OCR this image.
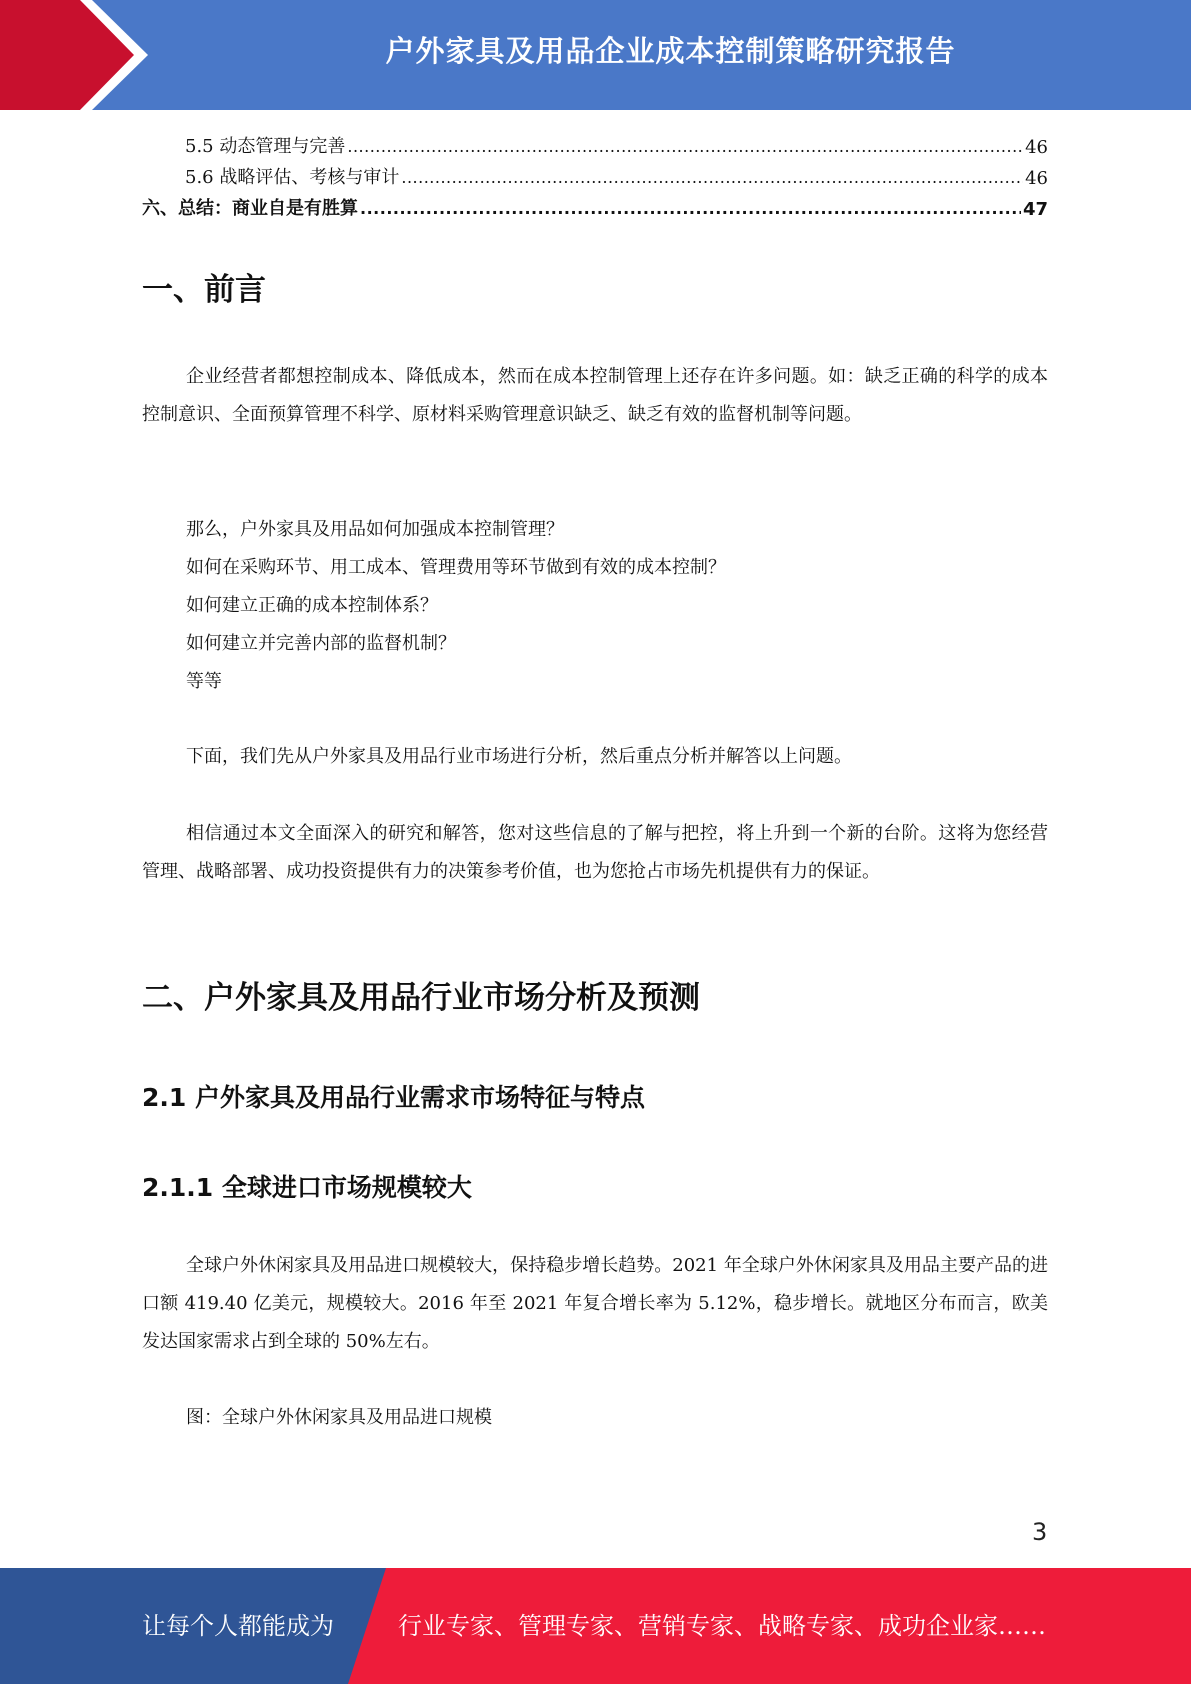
户外家具及用品企业成本控制策略研究报告
5.5 动态管理与完善 .....	46
5.6 战略评估、考核与审计 .....	46
六、总结：商业自是有胜算 .....	47
一、前言
企业经营者都想控制成本、降低成本，然而在成本控制管理上还存在许多问题。如：缺乏正确的科学的成本控制意识、全面预算管理不科学、原材料采购管理意识缺乏、缺乏有效的监督机制等问题。
那么，户外家具及用品如何加强成本控制管理？
如何在采购环节、用工成本、管理费用等环节做到有效的成本控制？
如何建立正确的成本控制体系？
如何建立并完善内部的监督机制？
等等
下面，我们先从户外家具及用品行业市场进行分析，然后重点分析并解答以上问题。
相信通过本文全面深入的研究和解答，您对这些信息的了解与把控，将上升到一个新的台阶。这将为您经营管理、战略部署、成功投资提供有力的决策参考价值，也为您抢占市场先机提供有力的保证。
二、户外家具及用品行业市场分析及预测
2.1 户外家具及用品行业需求市场特征与特点
2.1.1 全球进口市场规模较大
全球户外休闲家具及用品进口规模较大，保持稳步增长趋势。2021 年全球户外休闲家具及用品主要产品的进口额 419.40 亿美元，规模较大。2016 年至 2021 年复合增长率为 5.12%，稳步增长。就地区分布而言，欧美发达国家需求占到全球的 50%左右。
图：全球户外休闲家具及用品进口规模
3
让每个人都能成为	行业专家、管理专家、营销专家、战略专家、成功企业家……
